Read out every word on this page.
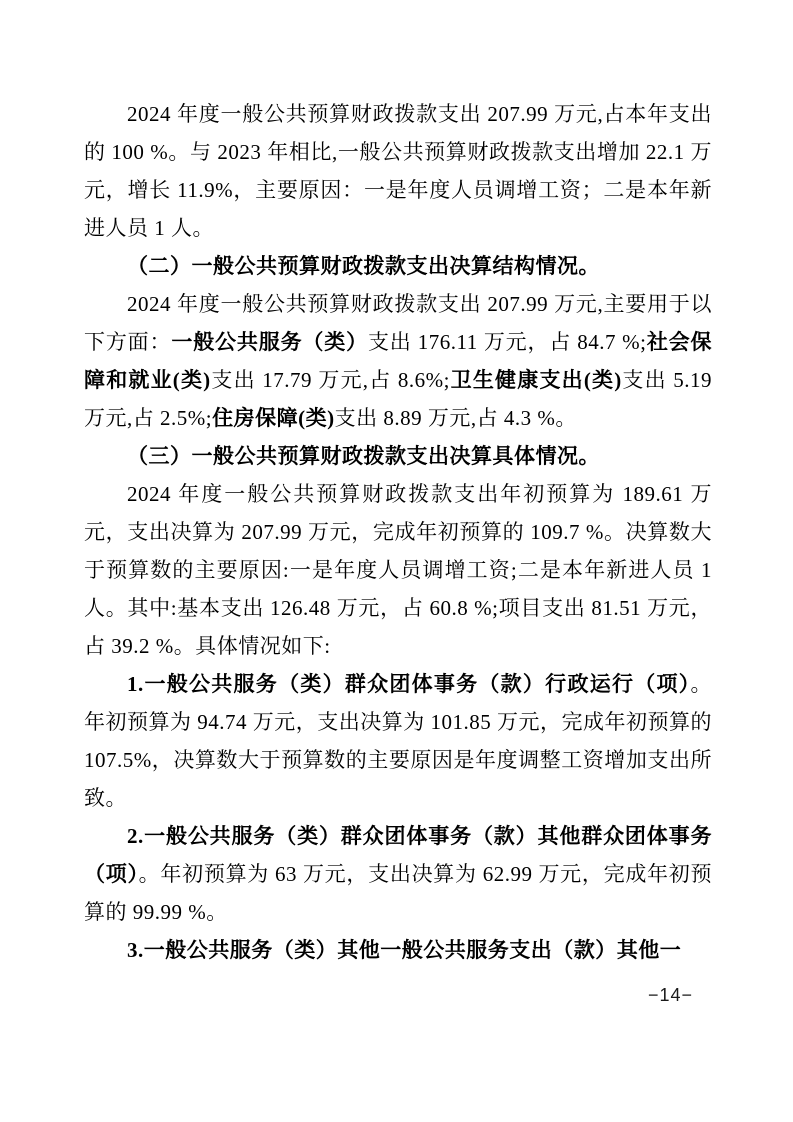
2024 年度一般公共预算财政拨款支出 207.99 万元,占本年支出的 100 %。与 2023 年相比,一般公共预算财政拨款支出增加 22.1 万元，增长 11.9%，主要原因：一是年度人员调增工资；二是本年新进人员 1 人。

（二）一般公共预算财政拨款支出决算结构情况。

2024 年度一般公共预算财政拨款支出 207.99 万元,主要用于以下方面：一般公共服务（类）支出 176.11 万元，占 84.7 %;社会保障和就业(类)支出 17.79 万元,占 8.6%;卫生健康支出(类)支出 5.19 万元,占 2.5%;住房保障(类)支出 8.89 万元,占 4.3 %。

（三）一般公共预算财政拨款支出决算具体情况。

2024 年度一般公共预算财政拨款支出年初预算为 189.61 万元，支出决算为 207.99 万元，完成年初预算的 109.7 %。决算数大于预算数的主要原因:一是年度人员调增工资;二是本年新进人员 1 人。其中:基本支出 126.48 万元，占 60.8 %;项目支出 81.51 万元，占 39.2 %。具体情况如下:

1.一般公共服务（类）群众团体事务（款）行政运行（项）。年初预算为 94.74 万元，支出决算为 101.85 万元，完成年初预算的 107.5%，决算数大于预算数的主要原因是年度调整工资增加支出所致。

2.一般公共服务（类）群众团体事务（款）其他群众团体事务（项）。年初预算为 63 万元，支出决算为 62.99 万元，完成年初预算的 99.99 %。

3.一般公共服务（类）其他一般公共服务支出（款）其他一

−14−
